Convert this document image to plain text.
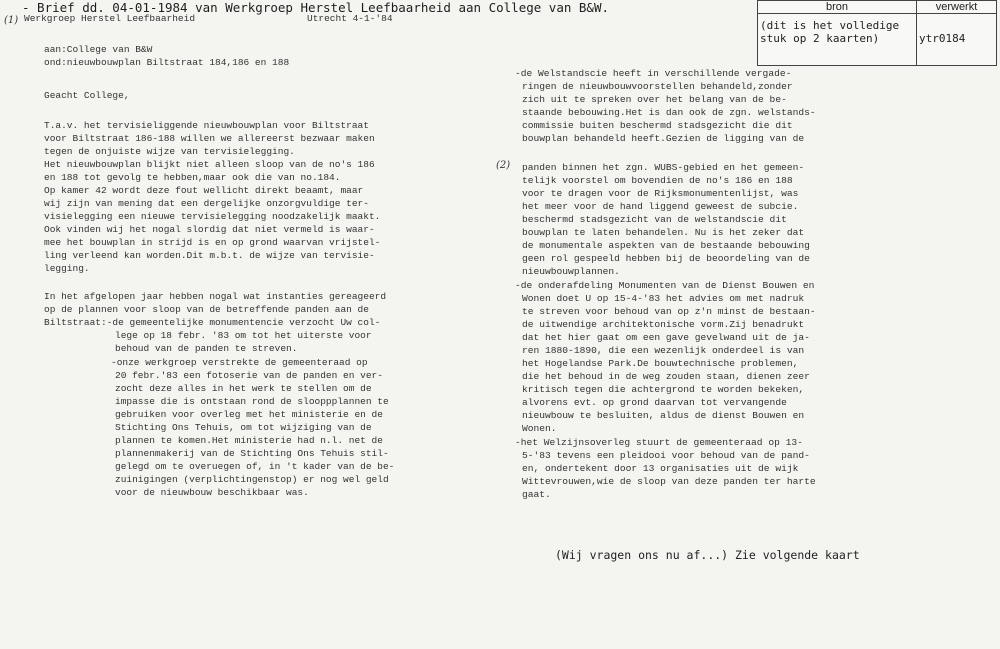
- Brief dd. 04-01-1984 van Werkgroep Herstel Leefbaarheid aan College van B&W.	bron	verwerkt
(dit is het volledige
stuk op 2 kaarten)	ytr0184
(1)
(2)
Werkgroep Herstel Leefbaarheid	Utrecht 4-1-'84
aan:College van B&W
ond:nieuwbouwplan Biltstraat 184,186 en 188
Geacht College,
T.a.v. het tervisieliggende nieuwbouwplan voor Biltstraat
voor Biltstraat 186-188 willen we allereerst bezwaar maken
tegen de onjuiste wijze van tervisielegging.
Het nieuwbouwplan blijkt niet alleen sloop van de no's 186
en 188 tot gevolg te hebben,maar ook die van no.184.
Op kamer 42 wordt deze fout wellicht direkt beaamt, maar
wij zijn van mening dat een dergelijke onzorgvuldige ter-
visielegging een nieuwe tervisielegging noodzakelijk maakt.
Ook vinden wij het nogal slordig dat niet vermeld is waar-
mee het bouwplan in strijd is en op grond waarvan vrijstel-
ling verleend kan worden.Dit m.b.t. de wijze van tervisie-
legging.
In het afgelopen jaar hebben nogal wat instanties gereageerd
op de plannen voor sloop van de betreffende panden aan de
Biltstraat:-de gemeentelijke monumentencie verzocht Uw col-
lege op 18 febr. '83 om tot het uiterste voor
behoud van de panden te streven.
-onze werkgroep verstrekte de gemeenteraad op
20 febr.'83 een fotoserie van de panden en ver-
zocht deze alles in het werk te stellen om de
impasse die is ontstaan rond de slooppplannen te
gebruiken voor overleg met het ministerie en de
Stichting Ons Tehuis, om tot wijziging van de
plannen te komen.Het ministerie had n.l. net de
plannenmakerij van de Stichting Ons Tehuis stil-
gelegd om te overuegen of, in 't kader van de be-
zuinigingen (verplichtingenstop) er nog wel geld
voor de nieuwbouw beschikbaar was.
-de Welstandscie heeft in verschillende vergade-
ringen de nieuwbouwvoorstellen behandeld,zonder
zich uit te spreken over het belang van de be-
staande bebouwing.Het is dan ook de zgn. welstands-
commissie buiten beschermd stadsgezicht die dit
bouwplan behandeld heeft.Gezien de ligging van de
panden binnen het zgn. WUBS-gebied en het gemeen-
telijk voorstel om bovendien de no's 186 en 188
voor te dragen voor de Rijksmonumentenlijst, was
het meer voor de hand liggend geweest de subcie.
beschermd stadsgezicht van de welstandscie dit
bouwplan te laten behandelen. Nu is het zeker dat
de monumentale aspekten van de bestaande bebouwing
geen rol gespeeld hebben bij de beoordeling van de
nieuwbouwplannen.
-de onderafdeling Monumenten van de Dienst Bouwen en
Wonen doet U op 15-4-'83 het advies om met nadruk
te streven voor behoud van op z'n minst de bestaan-
de uitwendige architektonische vorm.Zij benadrukt
dat het hier gaat om een gave gevelwand uit de ja-
ren 1880-1890, die een wezenlijk onderdeel is van
het Hogelandse Park.De bouwtechnische problemen,
die het behoud in de weg zouden staan, dienen zeer
kritisch tegen die achtergrond te worden bekeken,
alvorens evt. op grond daarvan tot vervangende
nieuwbouw te besluiten, aldus de dienst Bouwen en
Wonen.
-het Welzijnsoverleg stuurt de gemeenteraad op 13-
5-'83 tevens een pleidooi voor behoud van de pand-
en, ondertekent door 13 organisaties uit de wijk
Wittevrouwen,wie de sloop van deze panden ter harte
gaat.
(Wij vragen ons nu af...) Zie volgende kaart
